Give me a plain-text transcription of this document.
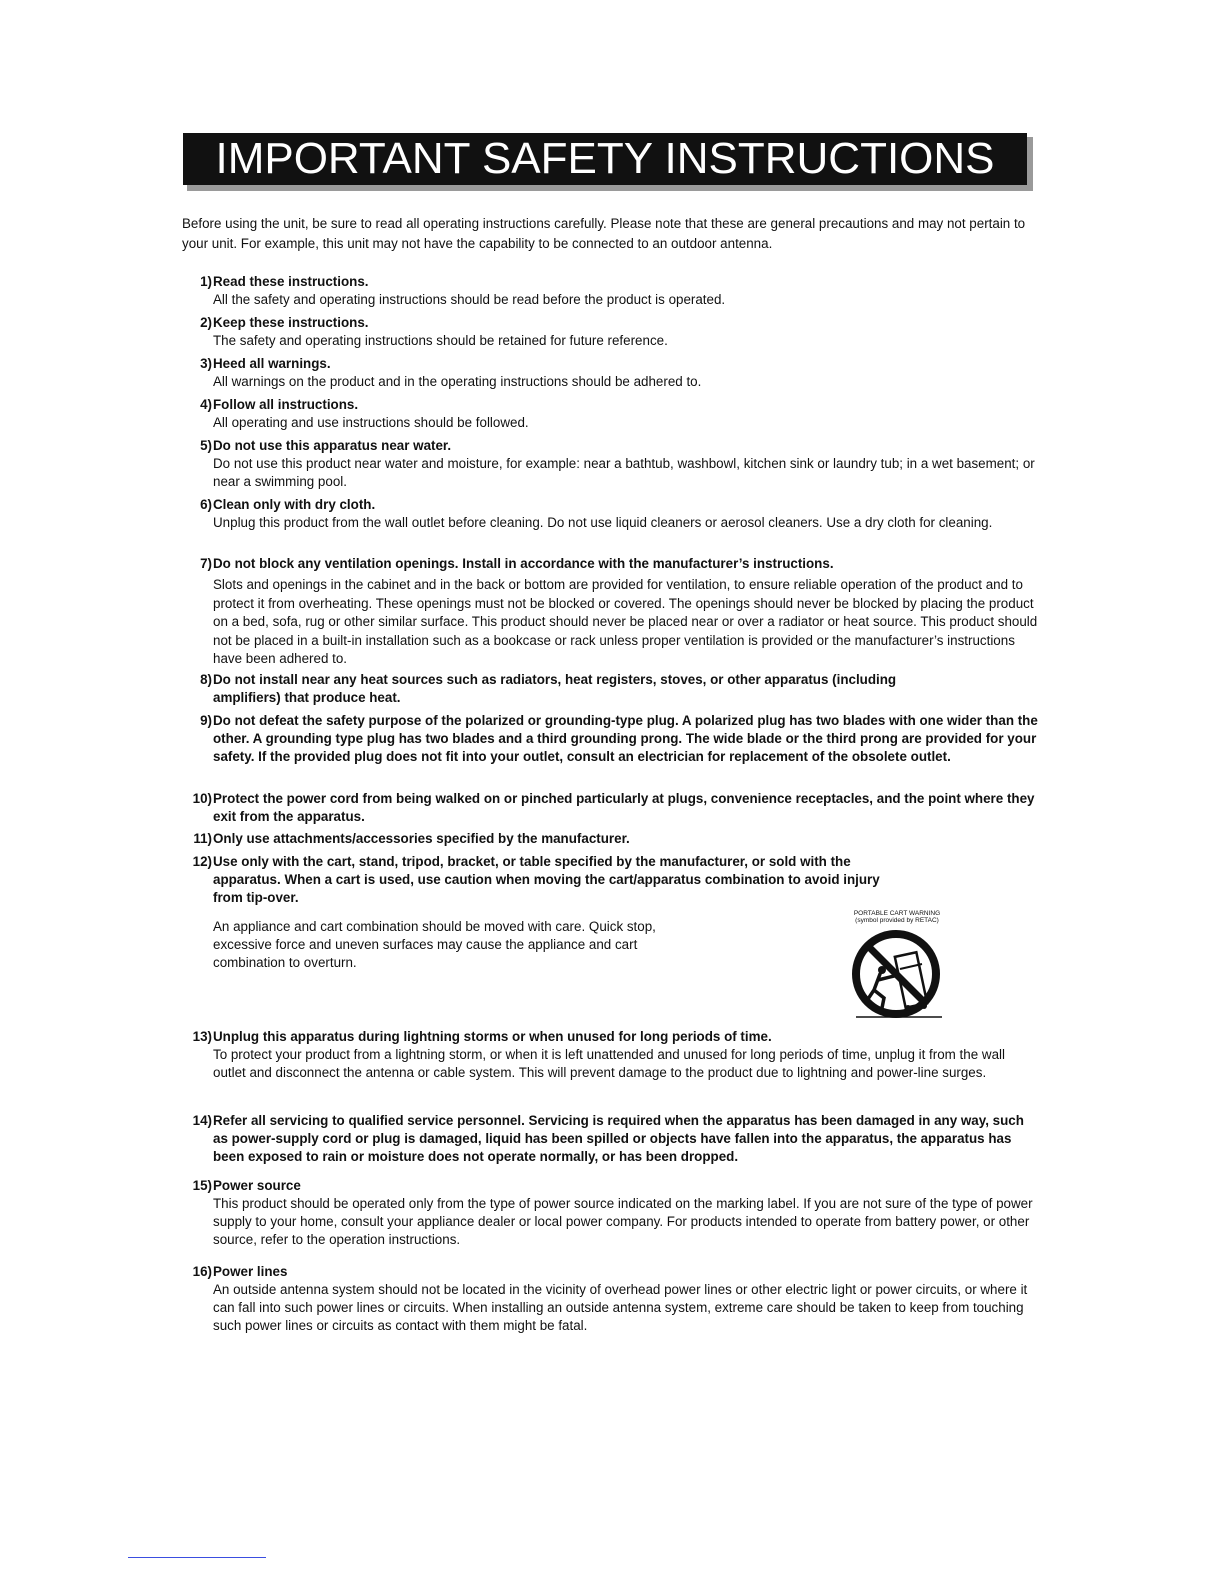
IMPORTANT SAFETY INSTRUCTIONS
Before using the unit, be sure to read all operating instructions carefully. Please note that these are general precautions and may not pertain to your unit. For example, this unit may not have the capability to be connected to an outdoor antenna.
1) Read these instructions.
All the safety and operating instructions should be read before the product is operated.
2) Keep these instructions.
The safety and operating instructions should be retained for future reference.
3) Heed all warnings.
All warnings on the product and in the operating instructions should be adhered to.
4) Follow all instructions.
All operating and use instructions should be followed.
5) Do not use this apparatus near water.
Do not use this product near water and moisture, for example: near a bathtub, washbowl, kitchen sink or laundry tub; in a wet basement; or near a swimming pool.
6) Clean only with dry cloth.
Unplug this product from the wall outlet before cleaning. Do not use liquid cleaners or aerosol cleaners. Use a dry cloth for cleaning.
7) Do not block any ventilation openings. Install in accordance with the manufacturer’s instructions.
Slots and openings in the cabinet and in the back or bottom are provided for ventilation, to ensure reliable operation of the product and to protect it from overheating. These openings must not be blocked or covered. The openings should never be blocked by placing the product on a bed, sofa, rug or other similar surface. This product should never be placed near or over a radiator or heat source. This product should not be placed in a built-in installation such as a bookcase or rack unless proper ventilation is provided or the manufacturer’s instructions have been adhered to.
8) Do not install near any heat sources such as radiators, heat registers, stoves, or other apparatus (including amplifiers) that produce heat.
9) Do not defeat the safety purpose of the polarized or grounding-type plug. A polarized plug has two blades with one wider than the other. A grounding type plug has two blades and a third grounding prong. The wide blade or the third prong are provided for your safety. If the provided plug does not fit into your outlet, consult an electrician for replacement of the obsolete outlet.
10) Protect the power cord from being walked on or pinched particularly at plugs, convenience receptacles, and the point where they exit from the apparatus.
11) Only use attachments/accessories specified by the manufacturer.
12) Use only with the cart, stand, tripod, bracket, or table specified by the manufacturer, or sold with the apparatus. When a cart is used, use caution when moving the cart/apparatus combination to avoid injury from tip-over.
An appliance and cart combination should be moved with care. Quick stop, excessive force and uneven surfaces may cause the appliance and cart combination to overturn.
PORTABLE CART WARNING
(symbol provided by RETAC)
13) Unplug this apparatus during lightning storms or when unused for long periods of time.
To protect your product from a lightning storm, or when it is left unattended and unused for long periods of time, unplug it from the wall outlet and disconnect the antenna or cable system. This will prevent damage to the product due to lightning and power-line surges.
14) Refer all servicing to qualified service personnel. Servicing is required when the apparatus has been damaged in any way, such as power-supply cord or plug is damaged, liquid has been spilled or objects have fallen into the apparatus, the apparatus has been exposed to rain or moisture does not operate normally, or has been dropped.
15) Power source
This product should be operated only from the type of power source indicated on the marking label. If you are not sure of the type of power supply to your home, consult your appliance dealer or local power company. For products intended to operate from battery power, or other source, refer to the operation instructions.
16) Power lines
An outside antenna system should not be located in the vicinity of overhead power lines or other electric light or power circuits, or where it can fall into such power lines or circuits. When installing an outside antenna system, extreme care should be taken to keep from touching such power lines or circuits as contact with them might be fatal.
